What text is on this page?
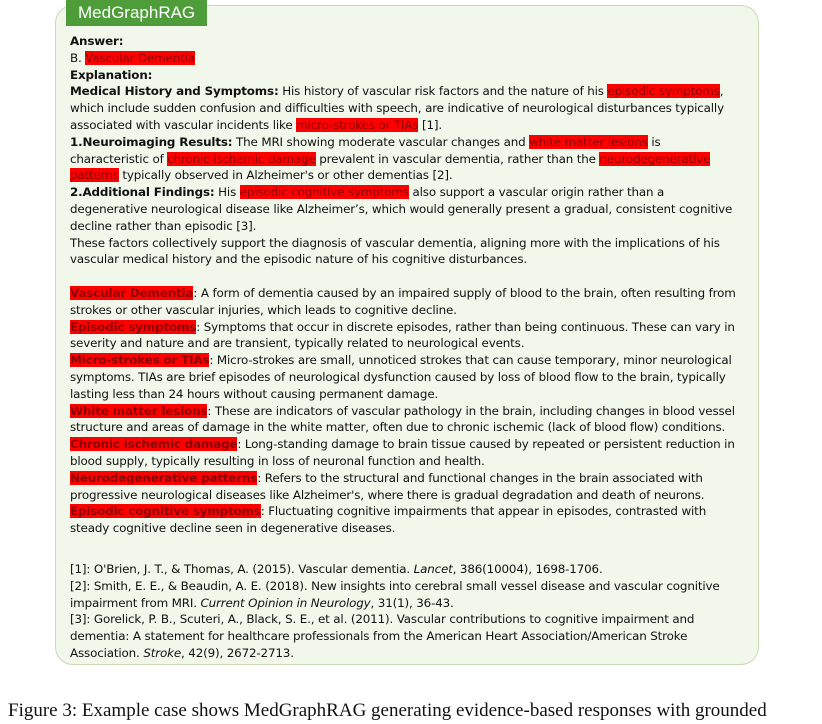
MedGraphRAG

Answer:

B. Vascular Dementia

Explanation:

Medical History and Symptoms: His history of vascular risk factors and the nature of his episodic symptoms, which include sudden confusion and difficulties with speech, are indicative of neurological disturbances typically associated with vascular incidents like micro-strokes or TIAs [1].

1.Neuroimaging Results: The MRI showing moderate vascular changes and white matter lesions is characteristic of chronic ischemic damage prevalent in vascular dementia, rather than the neurodegenerative patterns typically observed in Alzheimer's or other dementias [2].

2.Additional Findings: His episodic cognitive symptoms also support a vascular origin rather than a degenerative neurological disease like Alzheimer’s, which would generally present a gradual, consistent cognitive decline rather than episodic [3].

These factors collectively support the diagnosis of vascular dementia, aligning more with the implications of his vascular medical history and the episodic nature of his cognitive disturbances.

Vascular Dementia: A form of dementia caused by an impaired supply of blood to the brain, often resulting from strokes or other vascular injuries, which leads to cognitive decline.

Episodic symptoms: Symptoms that occur in discrete episodes, rather than being continuous. These can vary in severity and nature and are transient, typically related to neurological events.

Micro-strokes or TIAs: Micro-strokes are small, unnoticed strokes that can cause temporary, minor neurological symptoms. TIAs are brief episodes of neurological dysfunction caused by loss of blood flow to the brain, typically lasting less than 24 hours without causing permanent damage.

White matter lesions: These are indicators of vascular pathology in the brain, including changes in blood vessel structure and areas of damage in the white matter, often due to chronic ischemic (lack of blood flow) conditions.

Chronic ischemic damage: Long-standing damage to brain tissue caused by repeated or persistent reduction in blood supply, typically resulting in loss of neuronal function and health.

Neurodegenerative patterns: Refers to the structural and functional changes in the brain associated with progressive neurological diseases like Alzheimer's, where there is gradual degradation and death of neurons.

Episodic cognitive symptoms: Fluctuating cognitive impairments that appear in episodes, contrasted with steady cognitive decline seen in degenerative diseases.

[1]: O'Brien, J. T., & Thomas, A. (2015). Vascular dementia. Lancet, 386(10004), 1698-1706.

[2]: Smith, E. E., & Beaudin, A. E. (2018). New insights into cerebral small vessel disease and vascular cognitive impairment from MRI. Current Opinion in Neurology, 31(1), 36-43.

[3]: Gorelick, P. B., Scuteri, A., Black, S. E., et al. (2011). Vascular contributions to cognitive impairment and dementia: A statement for healthcare professionals from the American Heart Association/American Stroke Association. Stroke, 42(9), 2672-2713.

Figure 3: Example case shows MedGraphRAG generating evidence-based responses with grounded
